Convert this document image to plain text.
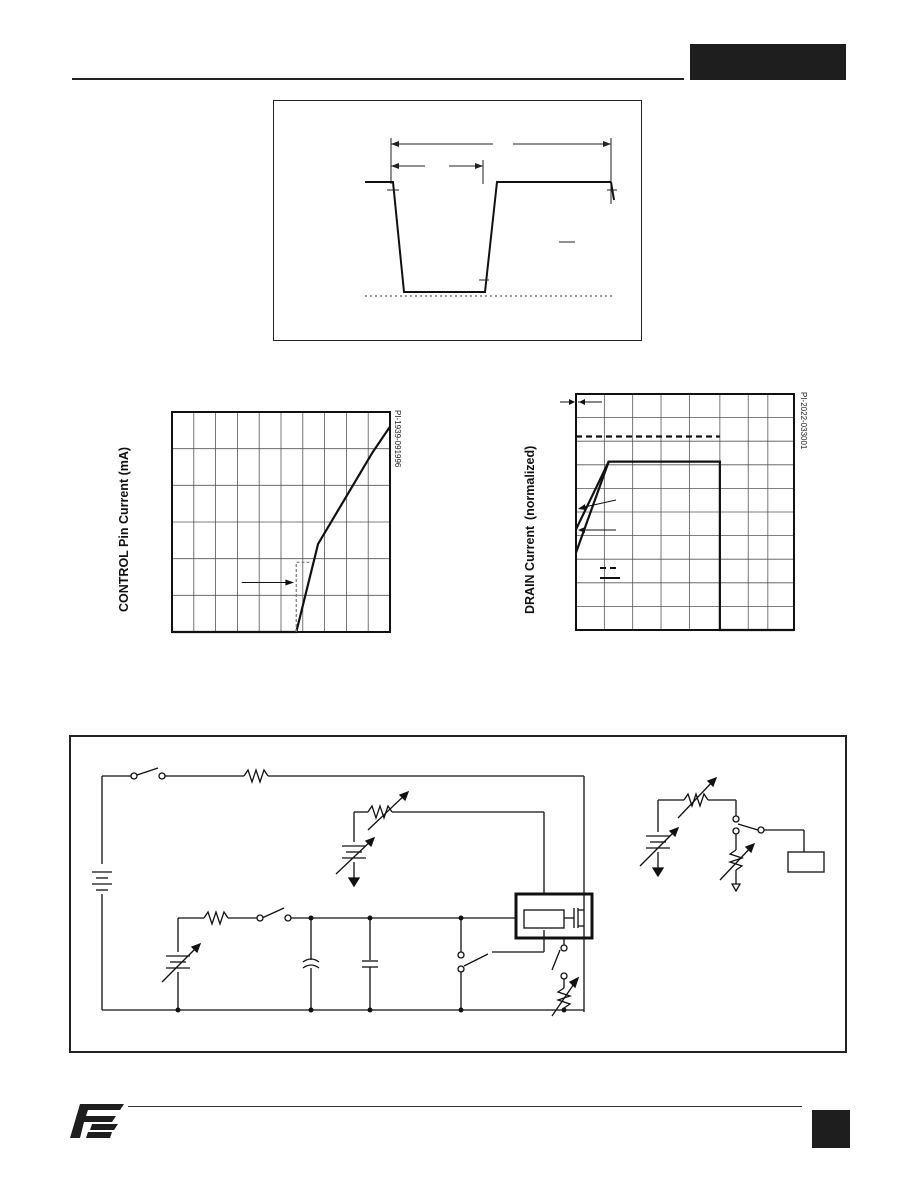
CONTROL Pin Current (mA)
PI-1939-091996
DRAIN Current
(normalized)
PI-2022-033001
